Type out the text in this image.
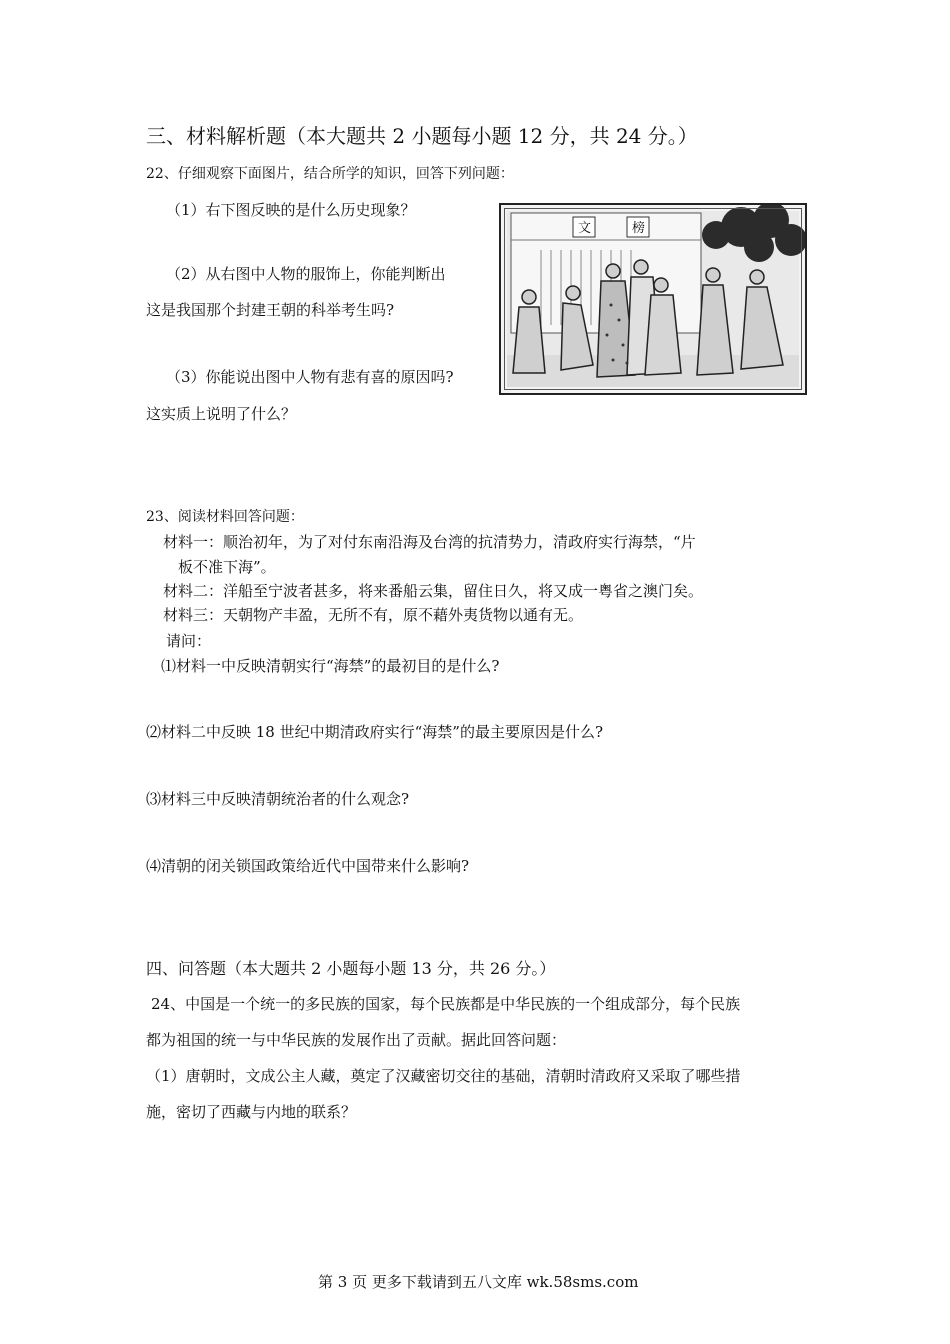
三、材料解析题（本大题共 2 小题每小题 12 分，共 24 分。）
22、仔细观察下面图片，结合所学的知识，回答下列问题：
（1）右下图反映的是什么历史现象？
（2）从右图中人物的服饰上，你能判断出
这是我国那个封建王朝的科举考生吗?
（3）你能说出图中人物有悲有喜的原因吗?
这实质上说明了什么？
文	榜
23、阅读材料回答问题：
材料一：顺治初年，为了对付东南沿海及台湾的抗清势力，清政府实行海禁，“片
板不准下海”。
材料二：洋船至宁波者甚多，将来番船云集，留住日久，将又成一粤省之澳门矣。
材料三：天朝物产丰盈，无所不有，原不藉外夷货物以通有无。
请问：
⑴材料一中反映清朝实行“海禁”的最初目的是什么?
⑵材料二中反映 18 世纪中期清政府实行“海禁”的最主要原因是什么?
⑶材料三中反映清朝统治者的什么观念?
⑷清朝的闭关锁国政策给近代中国带来什么影响?
四、问答题（本大题共 2 小题每小题 13 分，共 26 分。）
24、中国是一个统一的多民族的国家，每个民族都是中华民族的一个组成部分，每个民族
都为祖国的统一与中华民族的发展作出了贡献。据此回答问题：
（1）唐朝时，文成公主人藏，奠定了汉藏密切交往的基础，清朝时清政府又采取了哪些措
施，密切了西藏与内地的联系？
第 3 页 更多下载请到五八文库 wk.58sms.com
